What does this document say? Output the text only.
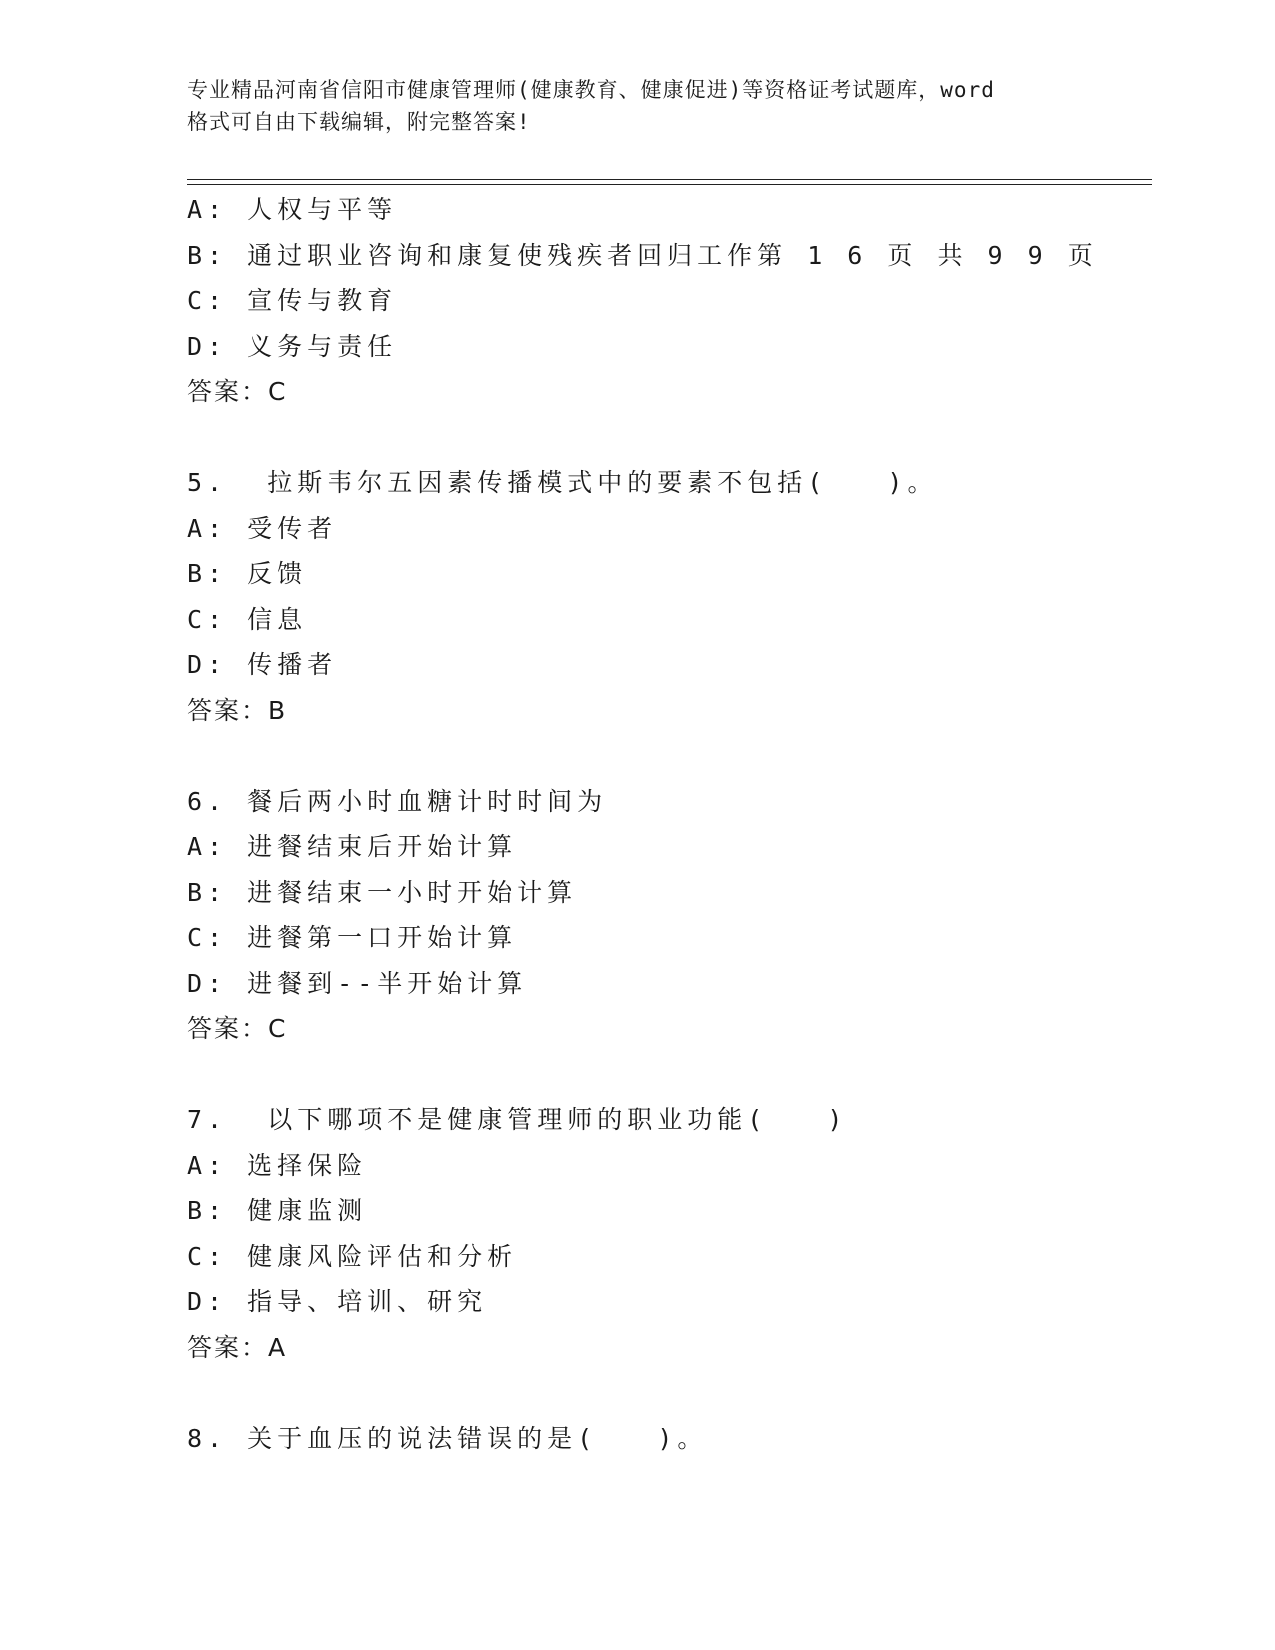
专业精品河南省信阳市健康管理师(健康教育、健康促进)等资格证考试题库，word
格式可自由下载编辑，附完整答案!
A: 人权与平等
B: 通过职业咨询和康复使残疾者回归工作第 1 6 页 共 9 9 页
C: 宣传与教育
D: 义务与责任
答案：C
5.  拉斯韦尔五因素传播模式中的要素不包括(   )。
A: 受传者
B: 反馈
C: 信息
D: 传播者
答案：B
6. 餐后两小时血糖计时时间为
A: 进餐结束后开始计算
B: 进餐结束一小时开始计算
C: 进餐第一口开始计算
D: 进餐到--半开始计算
答案：C
7.  以下哪项不是健康管理师的职业功能(   )
A: 选择保险
B: 健康监测
C: 健康风险评估和分析
D: 指导、培训、研究
答案：A
8. 关于血压的说法错误的是(   )。
